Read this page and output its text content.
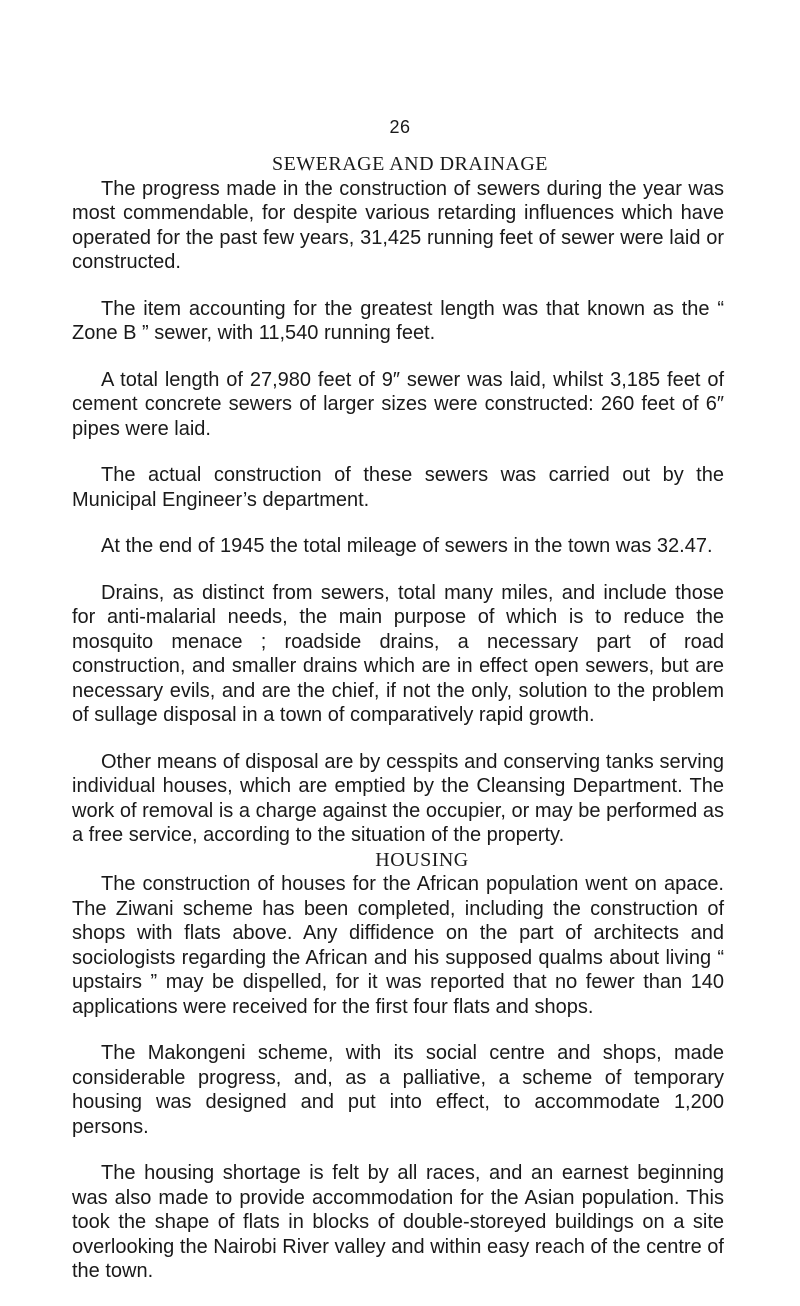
26
SEWERAGE AND DRAINAGE

The progress made in the construction of sewers during the year was most commendable, for despite various retarding influences which have operated for the past few years, 31,425 running feet of sewer were laid or constructed.

The item accounting for the greatest length was that known as the “ Zone B ” sewer, with 11,540 running feet.

A total length of 27,980 feet of 9″ sewer was laid, whilst 3,185 feet of cement concrete sewers of larger sizes were constructed: 260 feet of 6″ pipes were laid.

The actual construction of these sewers was carried out by the Municipal Engineer’s department.

At the end of 1945 the total mileage of sewers in the town was 32.47.

Drains, as distinct from sewers, total many miles, and include those for anti-malarial needs, the main purpose of which is to reduce the mosquito menace ; roadside drains, a necessary part of road construction, and smaller drains which are in effect open sewers, but are necessary evils, and are the chief, if not the only, solution to the problem of sullage disposal in a town of comparatively rapid growth.

Other means of disposal are by cesspits and conserving tanks serving individual houses, which are emptied by the Cleansing Department. The work of removal is a charge against the occupier, or may be performed as a free service, according to the situation of the property.

HOUSING

The construction of houses for the African population went on apace. The Ziwani scheme has been completed, including the construction of shops with flats above. Any diffidence on the part of architects and sociologists regarding the African and his supposed qualms about living “ upstairs ” may be dispelled, for it was reported that no fewer than 140 applications were received for the first four flats and shops.

The Makongeni scheme, with its social centre and shops, made considerable progress, and, as a palliative, a scheme of temporary housing was designed and put into effect, to accommodate 1,200 persons.

The housing shortage is felt by all races, and an earnest beginning was also made to provide accommodation for the Asian population. This took the shape of flats in blocks of double-storeyed buildings on a site overlooking the Nairobi River valley and within easy reach of the centre of the town.
